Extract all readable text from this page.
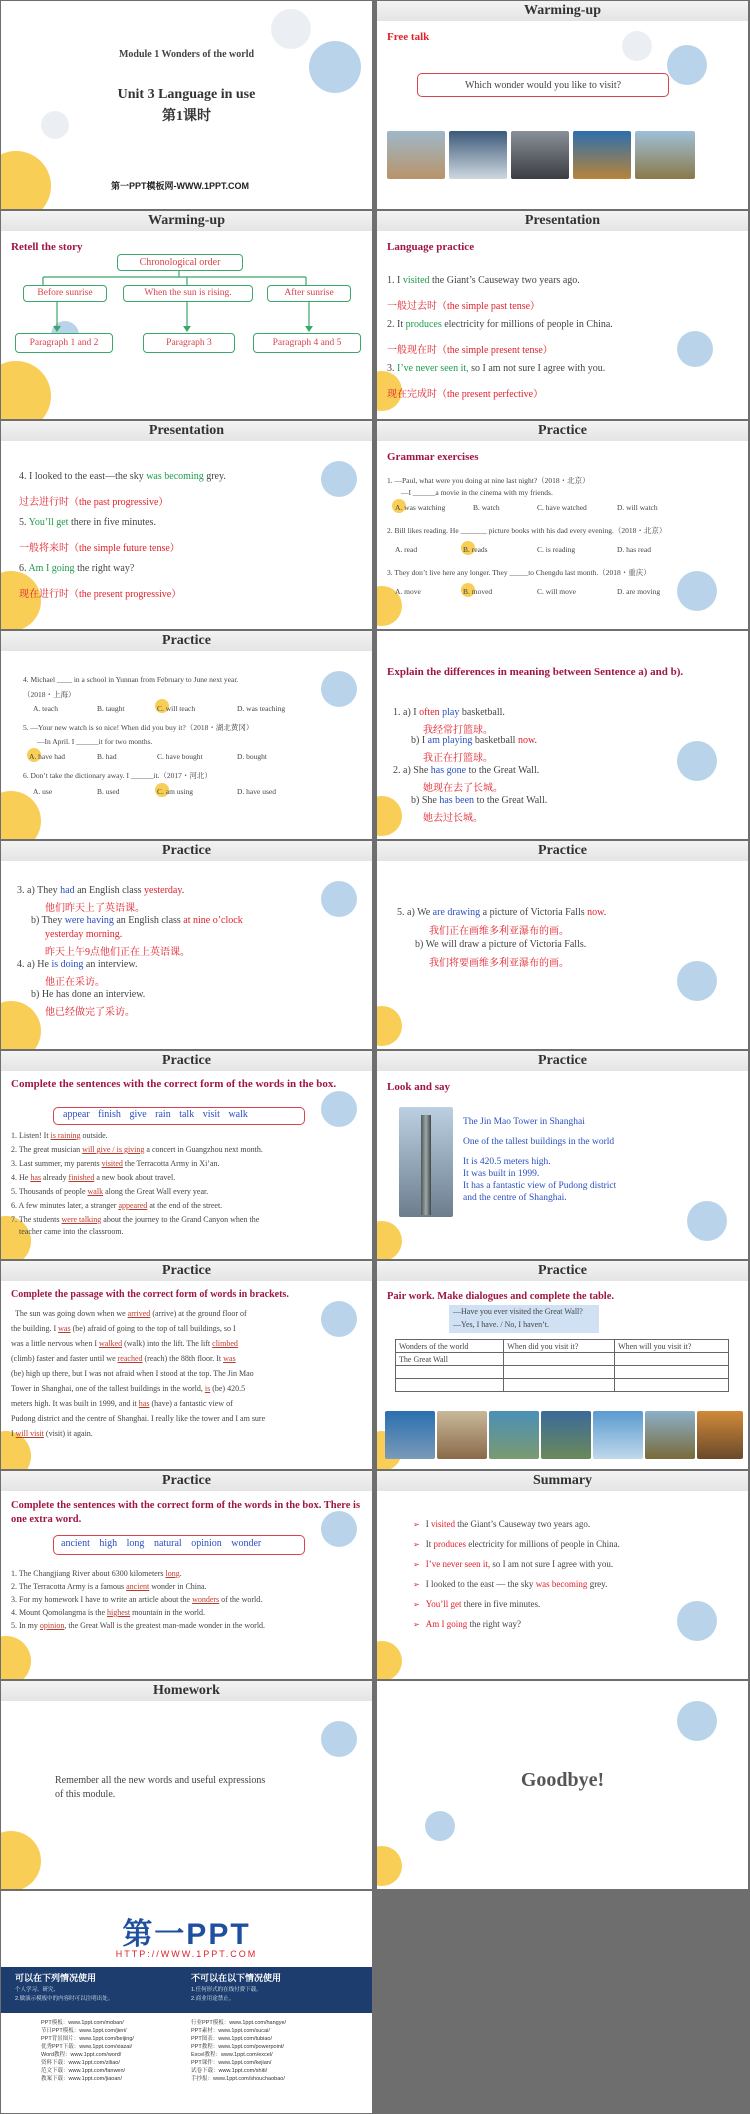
Module 1 Wonders of the world
Unit 3 Language in use
第1课时
第一PPT模板网-WWW.1PPT.COM
Warming-up
Free talk
Which wonder would you like to visit?
Warming-up
Retell the story
Chronological order
Before sunrise	When the sun is rising.	After sunrise
Paragraph 1 and 2	Paragraph 3	Paragraph 4 and 5
Presentation
Language practice
1. I visited the Giant’s Causeway two years ago.
一般过去时（the simple past tense）
2. It produces electricity for millions of people in China.
一般现在时（the simple present tense）
3. I’ve never seen it, so I am not sure I agree with you.
现在完成时（the present perfective）
Presentation
4. I looked to the east—the sky was becoming grey.
过去进行时（the past progressive）
5. You’ll get there in five minutes.
一般将来时（the simple future tense）
6. Am I going the right way?
现在进行时（the present progressive）
Practice
Grammar exercises
1. —Paul, what were you doing at nine last night?（2018・北京）
—I ______a movie in the cinema with my friends.
A. was watching	B. watch	C. have watched	D. will watch
2. Bill likes reading. He _______ picture books with his dad every evening.（2018・北京）
A. read	B. reads	C. is reading	D. has read
3. They don’t live here any longer. They _____to Chengdu last month.（2018・重庆）
A. move	B. moved	C. will move	D. are moving
Practice
4. Michael ____ in a school in Yunnan from February to June next year.
（2018・上海）
A. teach	B. taught	C. will teach	D. was teaching
5. —Your new watch is so nice! When did you buy it?（2018・湖北黄冈）
—In April. I ______it for two months.
A. have had	B. had	C. have bought	D. bought
6. Don’t take the dictionary away. I ______it.（2017・河北）
A. use	B. used	C. am using	D. have used
Explain the differences in meaning between Sentence a) and b).
1. a) I often play basketball.
我经常打篮球。
b) I am playing basketball now.
我正在打篮球。
2. a) She has gone to the Great Wall.
她现在去了长城。
b) She has been to the Great Wall.
她去过长城。
Practice
3. a) They had an English class yesterday.
他们昨天上了英语课。
b) They were having an English class at nine o’clock
yesterday morning.
昨天上午9点他们正在上英语课。
4. a) He is doing an interview.
他正在采访。
b) He has done an interview.
他已经做完了采访。
Practice
5. a) We are drawing a picture of Victoria Falls now.
我们正在画维多利亚瀑布的画。
b) We will draw a picture of Victoria Falls.
我们将要画维多利亚瀑布的画。
Practice
Complete the sentences with the correct form of the words in the box.
appear finish give rain talk visit walk
1. Listen! It is raining outside.
2. The great musician will give / is giving a concert in Guangzhou next month.
3. Last summer, my parents visited the Terracotta Army in Xi’an.
4. He has already finished a new book about travel.
5. Thousands of people walk along the Great Wall every year.
6. A few minutes later, a stranger appeared at the end of the street.
7. The students were talking about the journey to the Grand Canyon when the
teacher came into the classroom.
Practice
Look and say
The Jin Mao Tower in Shanghai
One of the tallest buildings in the world
It is 420.5 meters high.
It was built in 1999.
It has a fantastic view of Pudong district
and the centre of Shanghai.
Practice
Complete the passage with the correct form of words in brackets.
The sun was going down when we arrived (arrive) at the ground floor of
the building. I was (be) afraid of going to the top of tall buildings, so I
was a little nervous when I walked (walk) into the lift. The lift climbed
(climb) faster and faster until we reached (reach) the 88th floor. It was
(be) high up there, but I was not afraid when I stood at the top. The Jin Mao
Tower in Shanghai, one of the tallest buildings in the world, is (be) 420.5
meters high. It was built in 1999, and it has (have) a fantastic view of
Pudong district and the centre of Shanghai. I really like the tower and I am sure
I will visit (visit) it again.
Practice
Pair work. Make dialogues and complete the table.
—Have you ever visited the Great Wall?
—Yes, I have. / No, I haven’t.
Wonders of the world	When did you visit it?	When will you visit it?
The Great Wall		

Practice
Complete the sentences with the correct form of the words in the box. There is one extra word.
ancient high long natural opinion wonder
1. The Changjiang River about 6300 kilometers long.
2. The Terracotta Army is a famous ancient wonder in China.
3. For my homework I have to write an article about the wonders of the world.
4. Mount Qomolangma is the highest mountain in the world.
5. In my opinion, the Great Wall is the greatest man-made wonder in the world.
Summary
➢ I visited the Giant’s Causeway two years ago.
➢ It produces electricity for millions of people in China.
➢ I’ve never seen it, so I am not sure I agree with you.
➢ I looked to the east — the sky was becoming grey.
➢ You’ll get there in five minutes.
➢ Am I going the right way?
Homework
Remember all the new words and useful expressions
of this module.
Goodbye!
第一PPT
HTTP://WWW.1PPT.COM
可以在下列情况使用
个人学习、研究、
2.做演示模板中的内容时可以注明出处。
不可以在以下情况使用
1.任何形式的在线付费下载。
2.商业用途禁止。
PPT模板：www.1ppt.com/moban/
节日PPT模板：www.1ppt.com/jieri/
PPT背景图片：www.1ppt.com/beijing/
优秀PPT下载：www.1ppt.com/xiazai/
Word教程：www.1ppt.com/word/
资料下载：www.1ppt.com/ziliao/
范文下载：www.1ppt.com/fanwen/
教案下载：www.1ppt.com/jiaoan/
行业PPT模板：www.1ppt.com/hangye/
PPT素材：www.1ppt.com/sucai/
PPT图表：www.1ppt.com/tubiao/
PPT教程：www.1ppt.com/powerpoint/
Excel教程：www.1ppt.com/excel/
PPT课件：www.1ppt.com/kejian/
试卷下载：www.1ppt.com/shiti/
手抄报：www.1ppt.com/shouchaobao/
